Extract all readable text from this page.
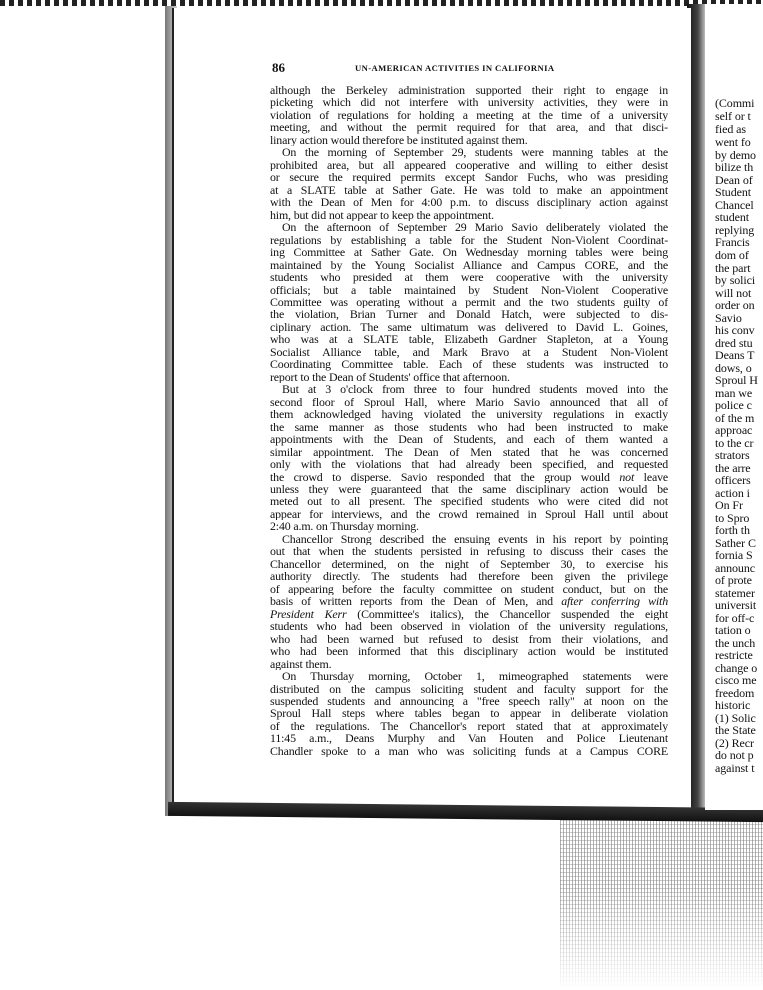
86	UN-AMERICAN ACTIVITIES IN CALIFORNIA
although the Berkeley administration supported their right to engage in
picketing which did not interfere with university activities, they were in
violation of regulations for holding a meeting at the time of a university
meeting, and without the permit required for that area, and that disci-
linary action would therefore be instituted against them.
On the morning of September 29, students were manning tables at the
prohibited area, but all appeared cooperative and willing to either desist
or secure the required permits except Sandor Fuchs, who was presiding
at a SLATE table at Sather Gate. He was told to make an appointment
with the Dean of Men for 4:00 p.m. to discuss disciplinary action against
him, but did not appear to keep the appointment.
On the afternoon of September 29 Mario Savio deliberately violated the
regulations by establishing a table for the Student Non-Violent Coordinat-
ing Committee at Sather Gate. On Wednesday morning tables were being
maintained by the Young Socialist Alliance and Campus CORE, and the
students who presided at them were cooperative with the university
officials; but a table maintained by Student Non-Violent Cooperative
Committee was operating without a permit and the two students guilty of
the violation, Brian Turner and Donald Hatch, were subjected to dis-
ciplinary action. The same ultimatum was delivered to David L. Goines,
who was at a SLATE table, Elizabeth Gardner Stapleton, at a Young
Socialist Alliance table, and Mark Bravo at a Student Non-Violent
Coordinating Committee table. Each of these students was instructed to
report to the Dean of Students' office that afternoon.
But at 3 o'clock from three to four hundred students moved into the
second floor of Sproul Hall, where Mario Savio announced that all of
them acknowledged having violated the university regulations in exactly
the same manner as those students who had been instructed to make
appointments with the Dean of Students, and each of them wanted a
similar appointment. The Dean of Men stated that he was concerned
only with the violations that had already been specified, and requested
the crowd to disperse. Savio responded that the group would not leave
unless they were guaranteed that the same disciplinary action would be
meted out to all present. The specified students who were cited did not
appear for interviews, and the crowd remained in Sproul Hall until about
2:40 a.m. on Thursday morning.
Chancellor Strong described the ensuing events in his report by pointing
out that when the students persisted in refusing to discuss their cases the
Chancellor determined, on the night of September 30, to exercise his
authority directly. The students had therefore been given the privilege
of appearing before the faculty committee on student conduct, but on the
basis of written reports from the Dean of Men, and after conferring with
President Kerr (Committee's italics), the Chancellor suspended the eight
students who had been observed in violation of the university regulations,
who had been warned but refused to desist from their violations, and
who had been informed that this disciplinary action would be instituted
against them.
On Thursday morning, October 1, mimeographed statements were
distributed on the campus soliciting student and faculty support for the
suspended students and announcing a "free speech rally" at noon on the
Sproul Hall steps where tables began to appear in deliberate violation
of the regulations. The Chancellor's report stated that at approximately
11:45 a.m., Deans Murphy and Van Houten and Police Lieutenant
Chandler spoke to a man who was soliciting funds at a Campus CORE
(Commi
self or t
fied as
went fo
by demo
bilize th
Dean of
Student
Chancel
student
replying
Francis
dom of
the part
by solici
will not
order on
Savio
his conv
dred stu
Deans T
dows, o
Sproul H
man we
police c
of the m
approac
to the cr
strators
the arre
officers
action i
On Fr
to Spro
forth th
Sather C
fornia S
announc
of prote
statemer
universit
for off-c
tation o
the unch
restricte
change o
cisco me
freedom
historic
(1) Solic
the State
(2) Recr
do not p
against t
